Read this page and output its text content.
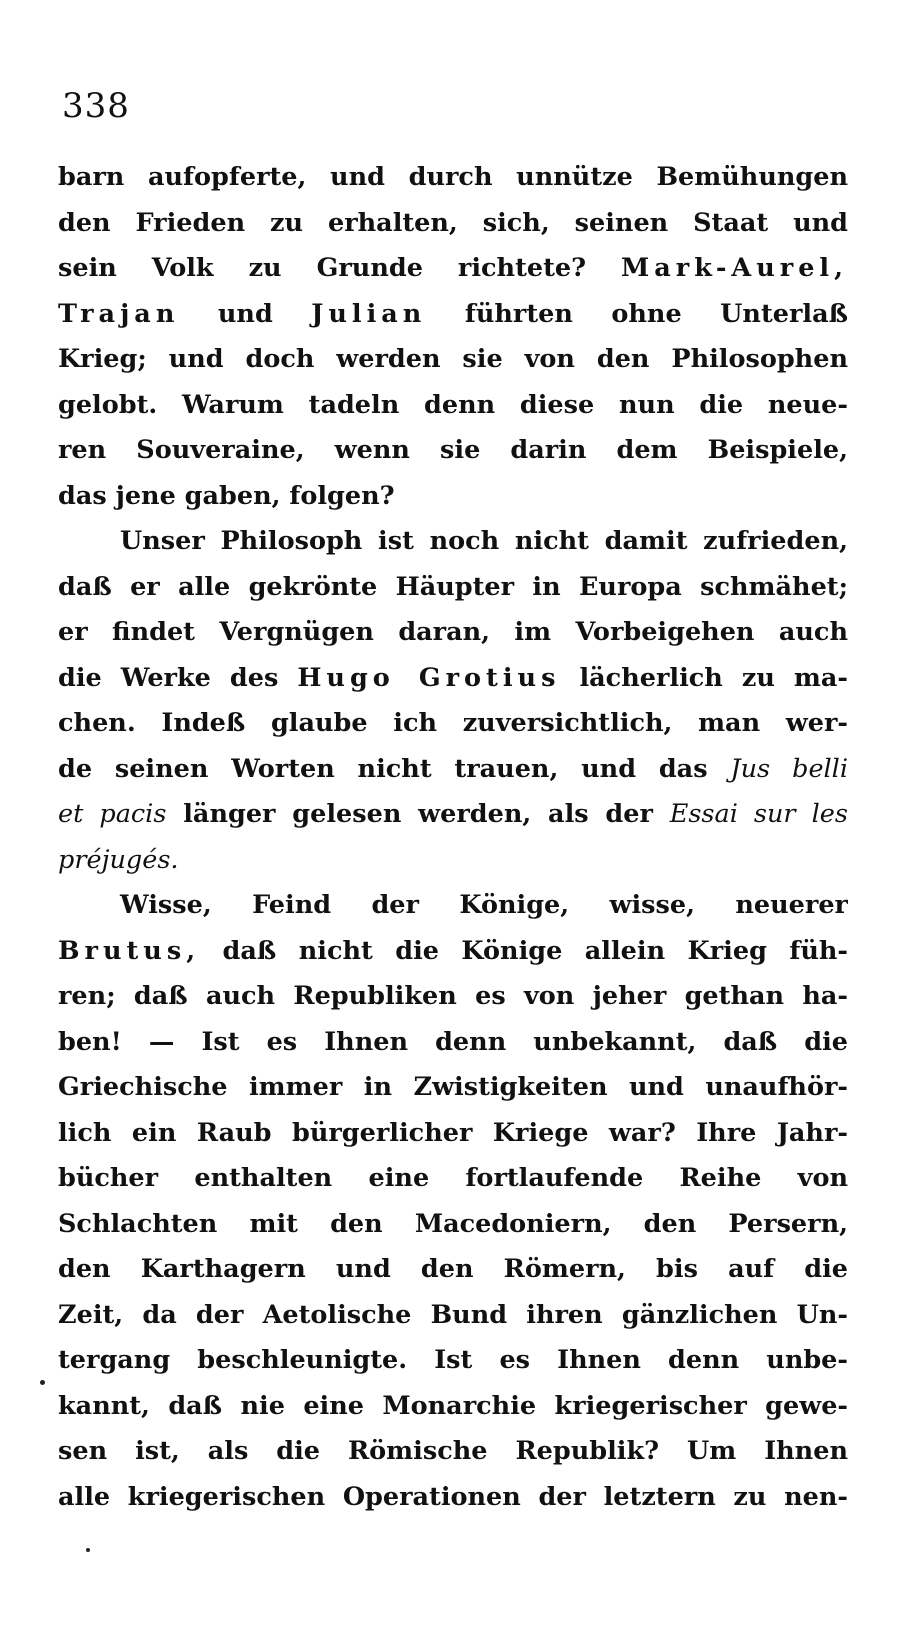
338
barn aufopferte, und durch unnütze Bemühungen
den Frieden zu erhalten, sich, seinen Staat und
sein Volk zu Grunde richtete? Mark-Aurel,
Trajan und Julian führten ohne Unterlaß
Krieg; und doch werden sie von den Philosophen
gelobt. Warum tadeln denn diese nun die neue-
ren Souveraine, wenn sie darin dem Beispiele,
das jene gaben, folgen?
Unser Philosoph ist noch nicht damit zufrieden,
daß er alle gekrönte Häupter in Europa schmähet;
er findet Vergnügen daran, im Vorbeigehen auch
die Werke des Hugo Grotius lächerlich zu ma-
chen. Indeß glaube ich zuversichtlich, man wer-
de seinen Worten nicht trauen, und das Jus belli
et pacis länger gelesen werden, als der Essai sur les
préjugés.
Wisse, Feind der Könige, wisse, neuerer
Brutus, daß nicht die Könige allein Krieg füh-
ren; daß auch Republiken es von jeher gethan ha-
ben! — Ist es Ihnen denn unbekannt, daß die
Griechische immer in Zwistigkeiten und unaufhör-
lich ein Raub bürgerlicher Kriege war? Ihre Jahr-
bücher enthalten eine fortlaufende Reihe von
Schlachten mit den Macedoniern, den Persern,
den Karthagern und den Römern, bis auf die
Zeit, da der Aetolische Bund ihren gänzlichen Un-
tergang beschleunigte. Ist es Ihnen denn unbe-
kannt, daß nie eine Monarchie kriegerischer gewe-
sen ist, als die Römische Republik? Um Ihnen
alle kriegerischen Operationen der letztern zu nen-
